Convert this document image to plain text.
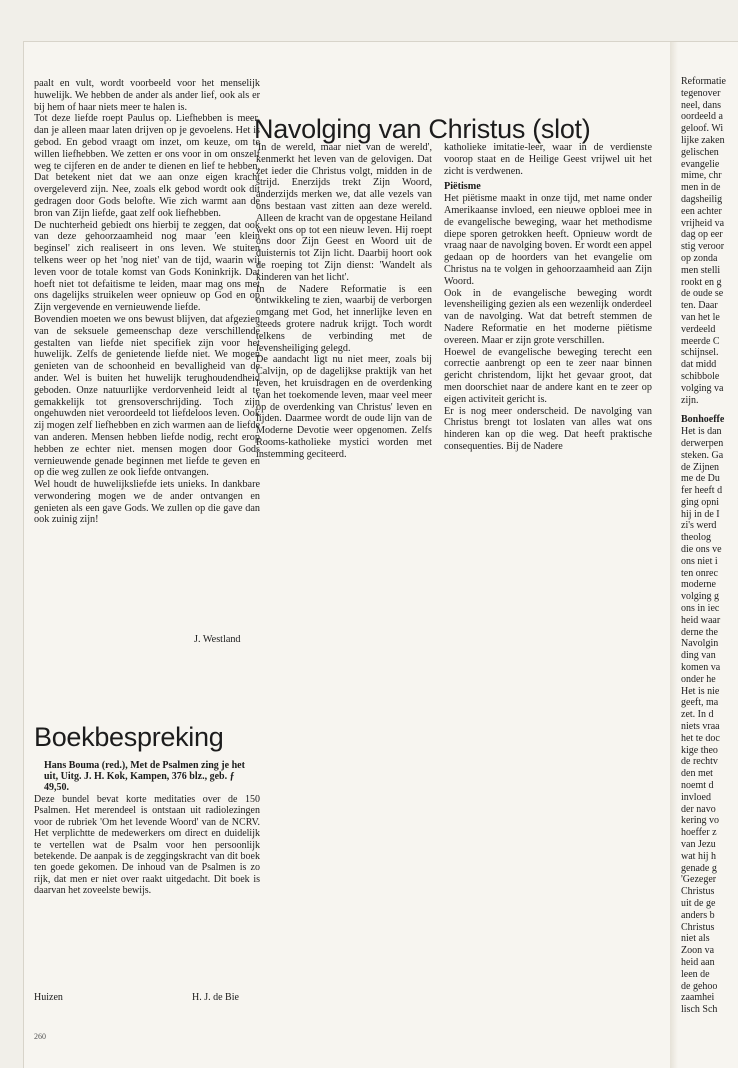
paalt en vult, wordt voorbeeld voor het menselijk huwelijk. We hebben de ander als ander lief, ook als er bij hem of haar niets meer te halen is.

Tot deze liefde roept Paulus op. Liefhebben is meer, dan je alleen maar laten drijven op je gevoelens. Het is gebod. En gebod vraagt om inzet, om keuze, om te willen liefhebben. We zetten er ons voor in om onszelf weg te cijferen en de ander te dienen en lief te hebben. Dat betekent niet dat we aan onze eigen kracht overgeleverd zijn. Nee, zoals elk gebod wordt ook dit gedragen door Gods belofte. Wie zich warmt aan de bron van Zijn liefde, gaat zelf ook liefhebben.

De nuchterheid gebiedt ons hierbij te zeggen, dat ook van deze gehoorzaamheid nog maar 'een klein beginsel' zich realiseert in ons leven. We stuiten telkens weer op het 'nog niet' van de tijd, waarin wij leven voor de totale komst van Gods Koninkrijk. Dat hoeft niet tot defaitisme te leiden, maar mag ons met ons dagelijks struikelen weer opnieuw op God en op Zijn vergevende en vernieuwende liefde.

Bovendien moeten we ons bewust blijven, dat afgezien van de seksuele gemeenschap deze verschillende gestalten van liefde niet specifiek zijn voor het huwelijk. Zelfs de genietende liefde niet. We mogen genieten van de schoonheid en bevalligheid van de ander. Wel is buiten het huwelijk terughoudendheid geboden. Onze natuurlijke verdorvenheid leidt al te gemakkelijk tot grensoverschrijding. Toch zijn ongehuwden niet veroordeeld tot liefdeloos leven. Ook zij mogen zelf liefhebben en zich warmen aan de liefde van anderen. Mensen hebben liefde nodig, recht erop hebben ze echter niet. mensen mogen door Gods vernieuwende genade beginnen met liefde te geven en op die weg zullen ze ook liefde ontvangen.

Wel houdt de huwelijksliefde iets unieks. In dankbare verwondering mogen we de ander ontvangen en genieten als een gave Gods. We zullen op die gave dan ook zuinig zijn!

J. Westland
Navolging van Christus (slot)

'In de wereld, maar niet van de wereld', kenmerkt het leven van de gelovigen. Dat zet ieder die Christus volgt, midden in de strijd. Enerzijds trekt Zijn Woord, anderzijds merken we, dat alle vezels van ons bestaan vast zitten aan deze wereld. Alleen de kracht van de opgestane Heiland wekt ons op tot een nieuw leven. Hij roept ons door Zijn Geest en Woord uit de duisternis tot Zijn licht. Daarbij hoort ook de roeping tot Zijn dienst: 'Wandelt als kinderen van het licht'.

In de Nadere Reformatie is een ontwikkeling te zien, waarbij de verborgen omgang met God, het innerlijke leven en steeds grotere nadruk krijgt. Toch wordt telkens de verbinding met de levensheiliging gelegd.

De aandacht ligt nu niet meer, zoals bij Calvijn, op de dagelijkse praktijk van het leven, het kruisdragen en de overdenking van het toekomende leven, maar veel meer op de overdenking van Christus' leven en lijden. Daarmee wordt de oude lijn van de Moderne Devotie weer opgenomen. Zelfs Rooms-katholieke mystici worden met instemming geciteerd.

katholieke imitatie-leer, waar in de verdienste voorop staat en de Heilige Geest vrijwel uit het zicht is verdwenen.

Piëtisme

Het piëtisme maakt in onze tijd, met name onder Amerikaanse invloed, een nieuwe opbloei mee in de evangelische beweging, waar het methodisme diepe sporen getrokken heeft. Opnieuw wordt de vraag naar de navolging boven. Er wordt een appel gedaan op de hoorders van het evangelie om Christus na te volgen in gehoorzaamheid aan Zijn Woord.

Ook in de evangelische beweging wordt levensheiliging gezien als een wezenlijk onderdeel van de navolging. Wat dat betreft stemmen de Nadere Reformatie en het moderne piëtisme overeen. Maar er zijn grote verschillen.

Hoewel de evangelische beweging terecht een correctie aanbrengt op een te zeer naar binnen gericht christendom, lijkt het gevaar groot, dat men doorschiet naar de andere kant en te zeer op eigen activiteit gericht is.

Er is nog meer onderscheid. De navolging van Christus brengt tot loslaten van alles wat ons hinderen kan op die weg. Dat heeft praktische consequenties. Bij de Nadere

Reformatie
tegenover
neel, dans
oordeeld a
geloof. Wi
lijke zaken
gelischen
evangelie
mime, chr
men in de
dagsheilig
een achter
vrijheid va
dag op eer
stig veroor
op zonda
men stelli
rookt en g
de oude se
ten. Daar
van het le
verdeeld
meerde C
schijnsel.
dat midd
schibbole
volging va
zijn.
Bonhoeffe
Het is dan
derwerpen
steken. Ga
de Zijnen
me de Du
fer heeft d
ging opni
hij in de I
zi's werd
theolog
die ons ve
ons niet i
ten onrec
moderne
volging g
ons in iec
heid waar
derne the
Navolgin
ding van
komen va
onder he
Het is nie
geeft, ma
zet. In d
niets vraa
het te doc
kige theo
de rechtv
den met
noemt d
invloed
der navo
kering vo
hoeffer z
van Jezu
wat hij h
genade g
'Gezeger
Christus
uit de ge
anders b
Christus
niet als
Zoon va
heid aan
leen de
de gehoo
zaamhei
lisch Sch
Boekbespreking
Hans Bouma (red.), Met de Psalmen zing je het uit, Uitg. J. H. Kok, Kampen, 376 blz., geb. ƒ 49,50.
Deze bundel bevat korte meditaties over de 150 Psalmen. Het merendeel is ontstaan uit radiolezingen voor de rubriek 'Om het levende Woord' van de NCRV. Het verplichtte de medewerkers om direct en duidelijk te vertellen wat de Psalm voor hen persoonlijk betekende. De aanpak is de zeggingskracht van dit boek ten goede gekomen. De inhoud van de Psalmen is zo rijk, dat men er niet over raakt uitgedacht. Dit boek is daarvan het zoveelste bewijs.
Huizen	H. J. de Bie
260
